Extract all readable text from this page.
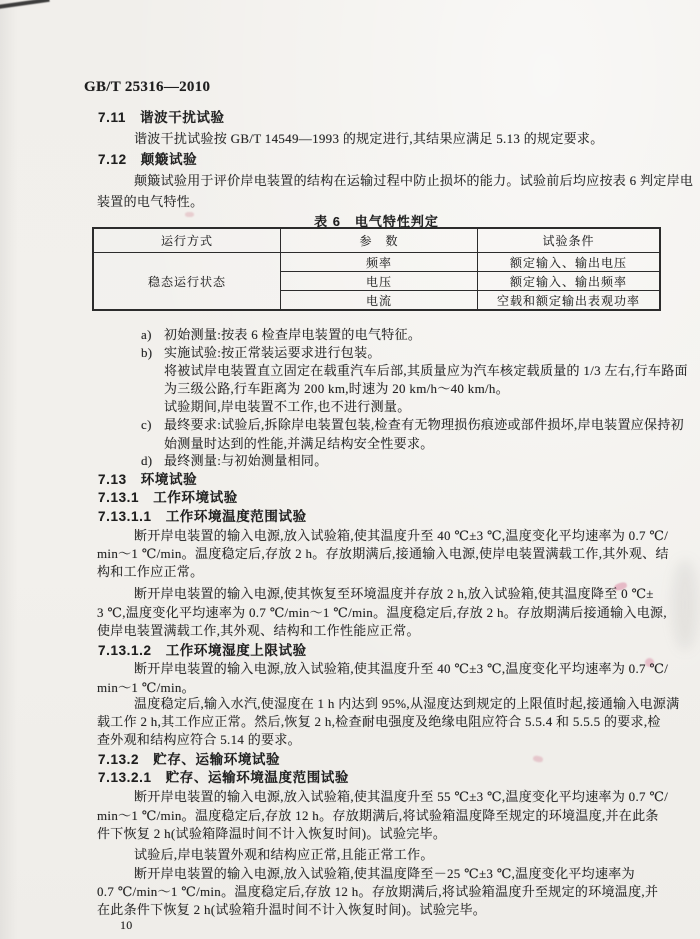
GB/T 25316—2010
7.11　谐波干扰试验
谐波干扰试验按 GB/T 14549—1993 的规定进行,其结果应满足 5.13 的规定要求。
7.12　颠簸试验
颠簸试验用于评价岸电装置的结构在运输过程中防止损坏的能力。试验前后均应按表 6 判定岸电
装置的电气特性。
表 6　电气特性判定
运行方式	参　数	试验条件
稳态运行状态
频率	额定输入、输出电压
电压	额定输入、输出频率
电流	空载和额定输出表观功率
a) 初始测量:按表 6 检查岸电装置的电气特征。
b) 实施试验:按正常装运要求进行包装。
将被试岸电装置直立固定在载重汽车后部,其质量应为汽车核定载质量的 1/3 左右,行车路面
为三级公路,行车距离为 200 km,时速为 20 km/h～40 km/h。
试验期间,岸电装置不工作,也不进行测量。
c) 最终要求:试验后,拆除岸电装置包装,检查有无物理损伤痕迹或部件损坏,岸电装置应保持初
始测量时达到的性能,并满足结构安全性要求。
d) 最终测量:与初始测量相同。
7.13　环境试验
7.13.1　工作环境试验
7.13.1.1　工作环境温度范围试验
断开岸电装置的输入电源,放入试验箱,使其温度升至 40 ℃±3 ℃,温度变化平均速率为 0.7 ℃/
min～1 ℃/min。温度稳定后,存放 2 h。存放期满后,接通输入电源,使岸电装置满载工作,其外观、结
构和工作应正常。
断开岸电装置的输入电源,使其恢复至环境温度并存放 2 h,放入试验箱,使其温度降至 0 ℃±
3 ℃,温度变化平均速率为 0.7 ℃/min～1 ℃/min。温度稳定后,存放 2 h。存放期满后接通输入电源,
使岸电装置满载工作,其外观、结构和工作性能应正常。
7.13.1.2　工作环境湿度上限试验
断开岸电装置的输入电源,放入试验箱,使其温度升至 40 ℃±3 ℃,温度变化平均速率为 0.7 ℃/
min～1 ℃/min。
温度稳定后,输入水汽,使湿度在 1 h 内达到 95%,从湿度达到规定的上限值时起,接通输入电源满
载工作 2 h,其工作应正常。然后,恢复 2 h,检查耐电强度及绝缘电阻应符合 5.5.4 和 5.5.5 的要求,检
查外观和结构应符合 5.14 的要求。
7.13.2　贮存、运输环境试验
7.13.2.1　贮存、运输环境温度范围试验
断开岸电装置的输入电源,放入试验箱,使其温度升至 55 ℃±3 ℃,温度变化平均速率为 0.7 ℃/
min～1 ℃/min。温度稳定后,存放 12 h。存放期满后,将试验箱温度降至规定的环境温度,并在此条
件下恢复 2 h(试验箱降温时间不计入恢复时间)。试验完毕。
试验后,岸电装置外观和结构应正常,且能正常工作。
断开岸电装置的输入电源,放入试验箱,使其温度降至－25 ℃±3 ℃,温度变化平均速率为
0.7 ℃/min～1 ℃/min。温度稳定后,存放 12 h。存放期满后,将试验箱温度升至规定的环境温度,并
在此条件下恢复 2 h(试验箱升温时间不计入恢复时间)。试验完毕。
10
